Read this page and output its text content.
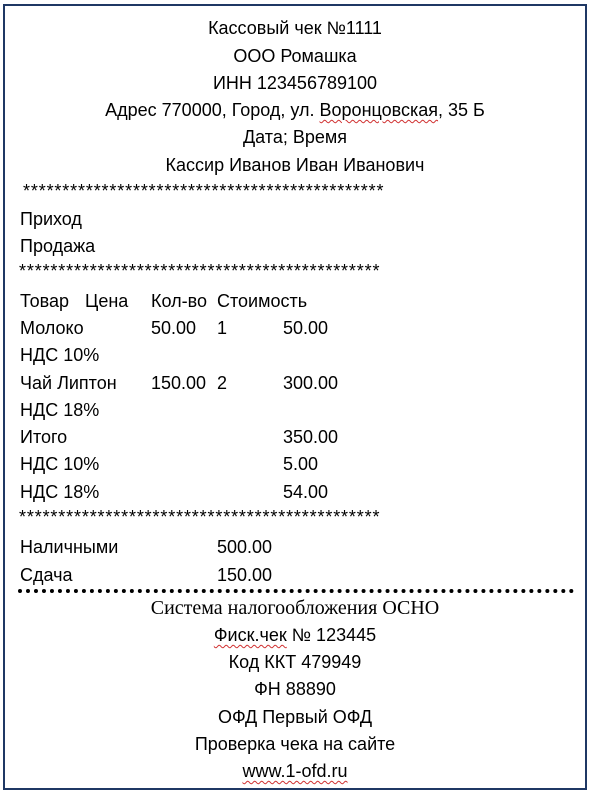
Кассовый чек №1111
ООО Ромашка
ИНН 123456789100
Адрес 770000, Город, ул. Воронцовская, 35 Б
Дата; Время
Кассир Иванов Иван Иванович
**********************************************
Приход
Продажа
**********************************************
Товар Цена Кол-во Стоимость
Молоко	50.00 1	50.00
НДС 10%
Чай Липтон 150.00 2	300.00
НДС 18%
Итого	350.00
НДС 10%	5.00
НДС 18%	54.00
**********************************************
Наличными	500.00
Сдача	150.00
Система налогообложения ОСНО
Фиск.чек № 123445
Код ККТ 479949
ФН 88890
ОФД Первый ОФД
Проверка чека на сайте
www.1-ofd.ru
